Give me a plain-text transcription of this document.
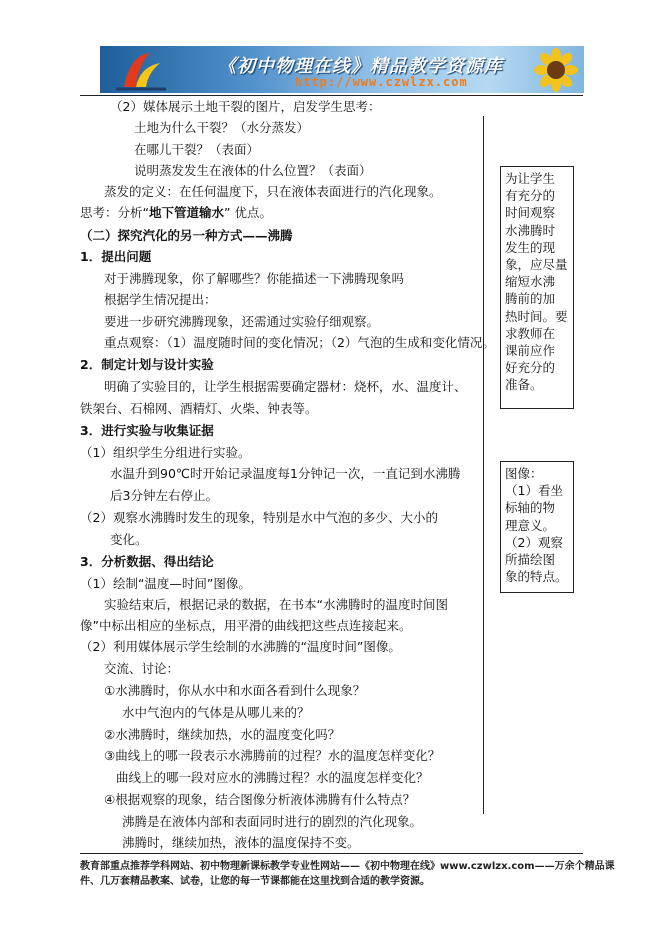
《初中物理在线》精品教学资源库
http://www.czwlzx.com
为让学生
有充分的
时间观察
水沸腾时
发生的现
象，应尽量
缩短水沸
腾前的加
热时间。要
求教师在
课前应作
好充分的
准备。
图像：
（1）看坐
标轴的物
理意义。
（2）观察
所描绘图
象的特点。
（2）媒体展示土地干裂的图片，启发学生思考：
土地为什么干裂？（水分蒸发）
在哪儿干裂？（表面）
说明蒸发发生在液体的什么位置？（表面）
蒸发的定义：在任何温度下，只在液体表面进行的汽化现象。
思考：分析“地下管道输水” 优点。
（二）探究汽化的另一种方式——沸腾
1．提出问题
对于沸腾现象，你了解哪些？你能描述一下沸腾现象吗
根据学生情况提出：
要进一步研究沸腾现象，还需通过实验仔细观察。
重点观察：（1）温度随时间的变化情况；（2）气泡的生成和变化情况。
2．制定计划与设计实验
明确了实验目的，让学生根据需要确定器材：烧杯，水、温度计、
铁架台、石棉网、酒精灯、火柴、钟表等。
3．进行实验与收集证据
（1）组织学生分组进行实验。
水温升到90℃时开始记录温度每1分钟记一次，一直记到水沸腾
后3分钟左右停止。
（2）观察水沸腾时发生的现象，特别是水中气泡的多少、大小的
变化。
3．分析数据、得出结论
（1）绘制“温度—时间”图像。
实验结束后，根据记录的数据，在书本“水沸腾时的温度时间图
像”中标出相应的坐标点，用平滑的曲线把这些点连接起来。
（2）利用媒体展示学生绘制的水沸腾的“温度时间”图像。
交流、讨论：
①水沸腾时，你从水中和水面各看到什么现象？
水中气泡内的气体是从哪儿来的？
②水沸腾时，继续加热，水的温度变化吗？
③曲线上的哪一段表示水沸腾前的过程？水的温度怎样变化？
曲线上的哪一段对应水的沸腾过程？水的温度怎样变化？
④根据观察的现象，结合图像分析液体沸腾有什么特点？
沸腾是在液体内部和表面同时进行的剧烈的汽化现象。
沸腾时，继续加热，液体的温度保持不变。
教育部重点推荐学科网站、初中物理新课标教学专业性网站——《初中物理在线》www.czwlzx.com——万余个精品课
件、几万套精品教案、试卷，让您的每一节课都能在这里找到合适的教学资源。
